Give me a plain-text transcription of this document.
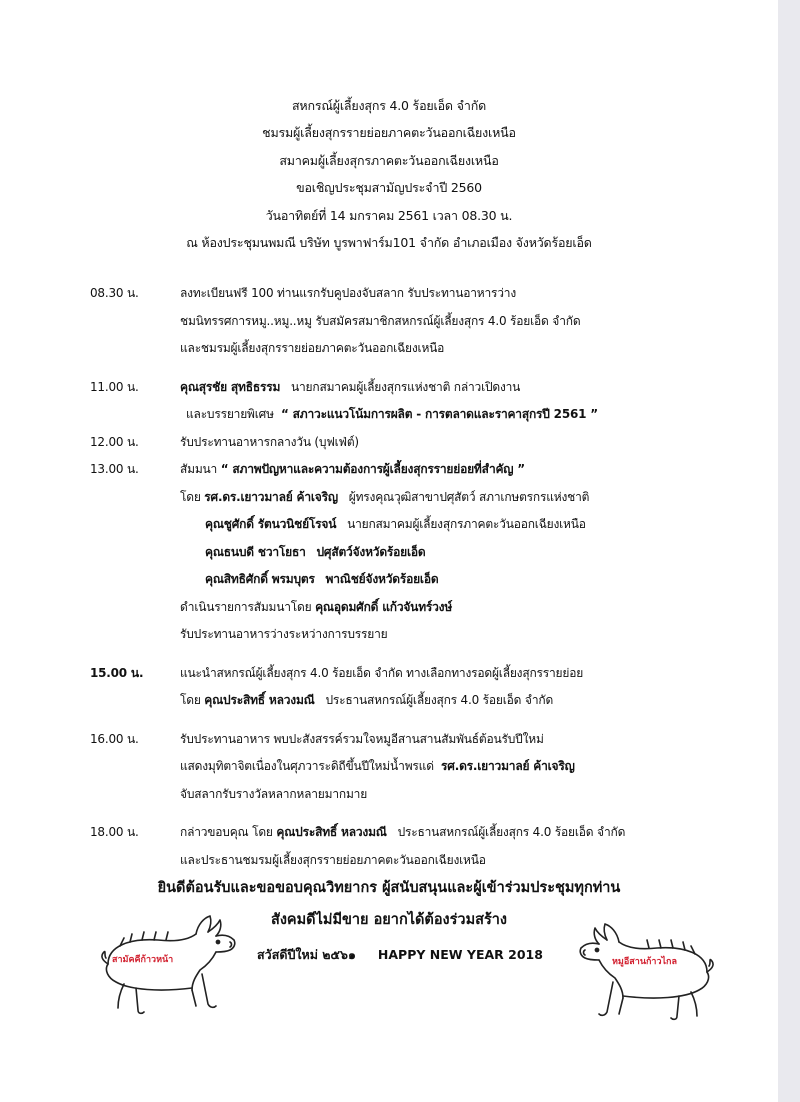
สหกรณ์ผู้เลี้ยงสุกร 4.0 ร้อยเอ็ด จำกัด
ชมรมผู้เลี้ยงสุกรรายย่อยภาคตะวันออกเฉียงเหนือ
สมาคมผู้เลี้ยงสุกรภาคตะวันออกเฉียงเหนือ
ขอเชิญประชุมสามัญประจำปี 2560
วันอาทิตย์ที่ 14 มกราคม 2561 เวลา 08.30 น.
ณ ห้องประชุมนพมณี บริษัท บูรพาฟาร์ม101 จำกัด อำเภอเมือง จังหวัดร้อยเอ็ด
08.30 น.	ลงทะเบียนฟรี 100 ท่านแรกรับคูปองจับสลาก รับประทานอาหารว่าง
ชมนิทรรศการหมู..หมู..หมู รับสมัครสมาชิกสหกรณ์ผู้เลี้ยงสุกร 4.0 ร้อยเอ็ด จำกัด
และชมรมผู้เลี้ยงสุกรรายย่อยภาคตะวันออกเฉียงเหนือ
11.00 น.	คุณสุรชัย สุทธิธรรม นายกสมาคมผู้เลี้ยงสุกรแห่งชาติ กล่าวเปิดงาน
และบรรยายพิเศษ “ สภาวะแนวโน้มการผลิต - การตลาดและราคาสุกรปี 2561 ”
12.00 น.	รับประทานอาหารกลางวัน (บุฟเฟ่ต์)
13.00 น.	สัมมนา “ สภาพปัญหาและความต้องการผู้เลี้ยงสุกรรายย่อยที่สำคัญ ”
โดย รศ.ดร.เยาวมาลย์ ค้าเจริญ ผู้ทรงคุณวุฒิสาขาปศุสัตว์ สภาเกษตรกรแห่งชาติ
คุณชูศักดิ์ รัตนวนิชย์โรจน์ นายกสมาคมผู้เลี้ยงสุกรภาคตะวันออกเฉียงเหนือ
คุณธนบดี ชวาโยธา ปศุสัตว์จังหวัดร้อยเอ็ด
คุณสิทธิศักดิ์ พรมบุตร พาณิชย์จังหวัดร้อยเอ็ด
ดำเนินรายการสัมมนาโดย คุณอุดมศักดิ์ แก้วจันทร์วงษ์
รับประทานอาหารว่างระหว่างการบรรยาย
15.00 น.	แนะนำสหกรณ์ผู้เลี้ยงสุกร 4.0 ร้อยเอ็ด จำกัด ทางเลือกทางรอดผู้เลี้ยงสุกรรายย่อย
โดย คุณประสิทธิ์ หลวงมณี ประธานสหกรณ์ผู้เลี้ยงสุกร 4.0 ร้อยเอ็ด จำกัด
16.00 น.	รับประทานอาหาร พบปะสังสรรค์รวมใจหมูอีสานสานสัมพันธ์ต้อนรับปีใหม่
แสดงมุทิตาจิตเนื่องในศุภวาระดิถีขึ้นปีใหม่น้ำพรแด่ รศ.ดร.เยาวมาลย์ ค้าเจริญ
จับสลากรับรางวัลหลากหลายมากมาย
18.00 น.	กล่าวขอบคุณ โดย คุณประสิทธิ์ หลวงมณี ประธานสหกรณ์ผู้เลี้ยงสุกร 4.0 ร้อยเอ็ด จำกัด
และประธานชมรมผู้เลี้ยงสุกรรายย่อยภาคตะวันออกเฉียงเหนือ
ยินดีต้อนรับและขอขอบคุณวิทยากร ผู้สนับสนุนและผู้เข้าร่วมประชุมทุกท่าน
สังคมดีไม่มีขาย อยากได้ต้องร่วมสร้าง
สวัสดีปีใหม่ ๒๕๖๑ HAPPY NEW YEAR 2018
สามัคคีก้าวหน้า	หมูอีสานก้าวไกล
